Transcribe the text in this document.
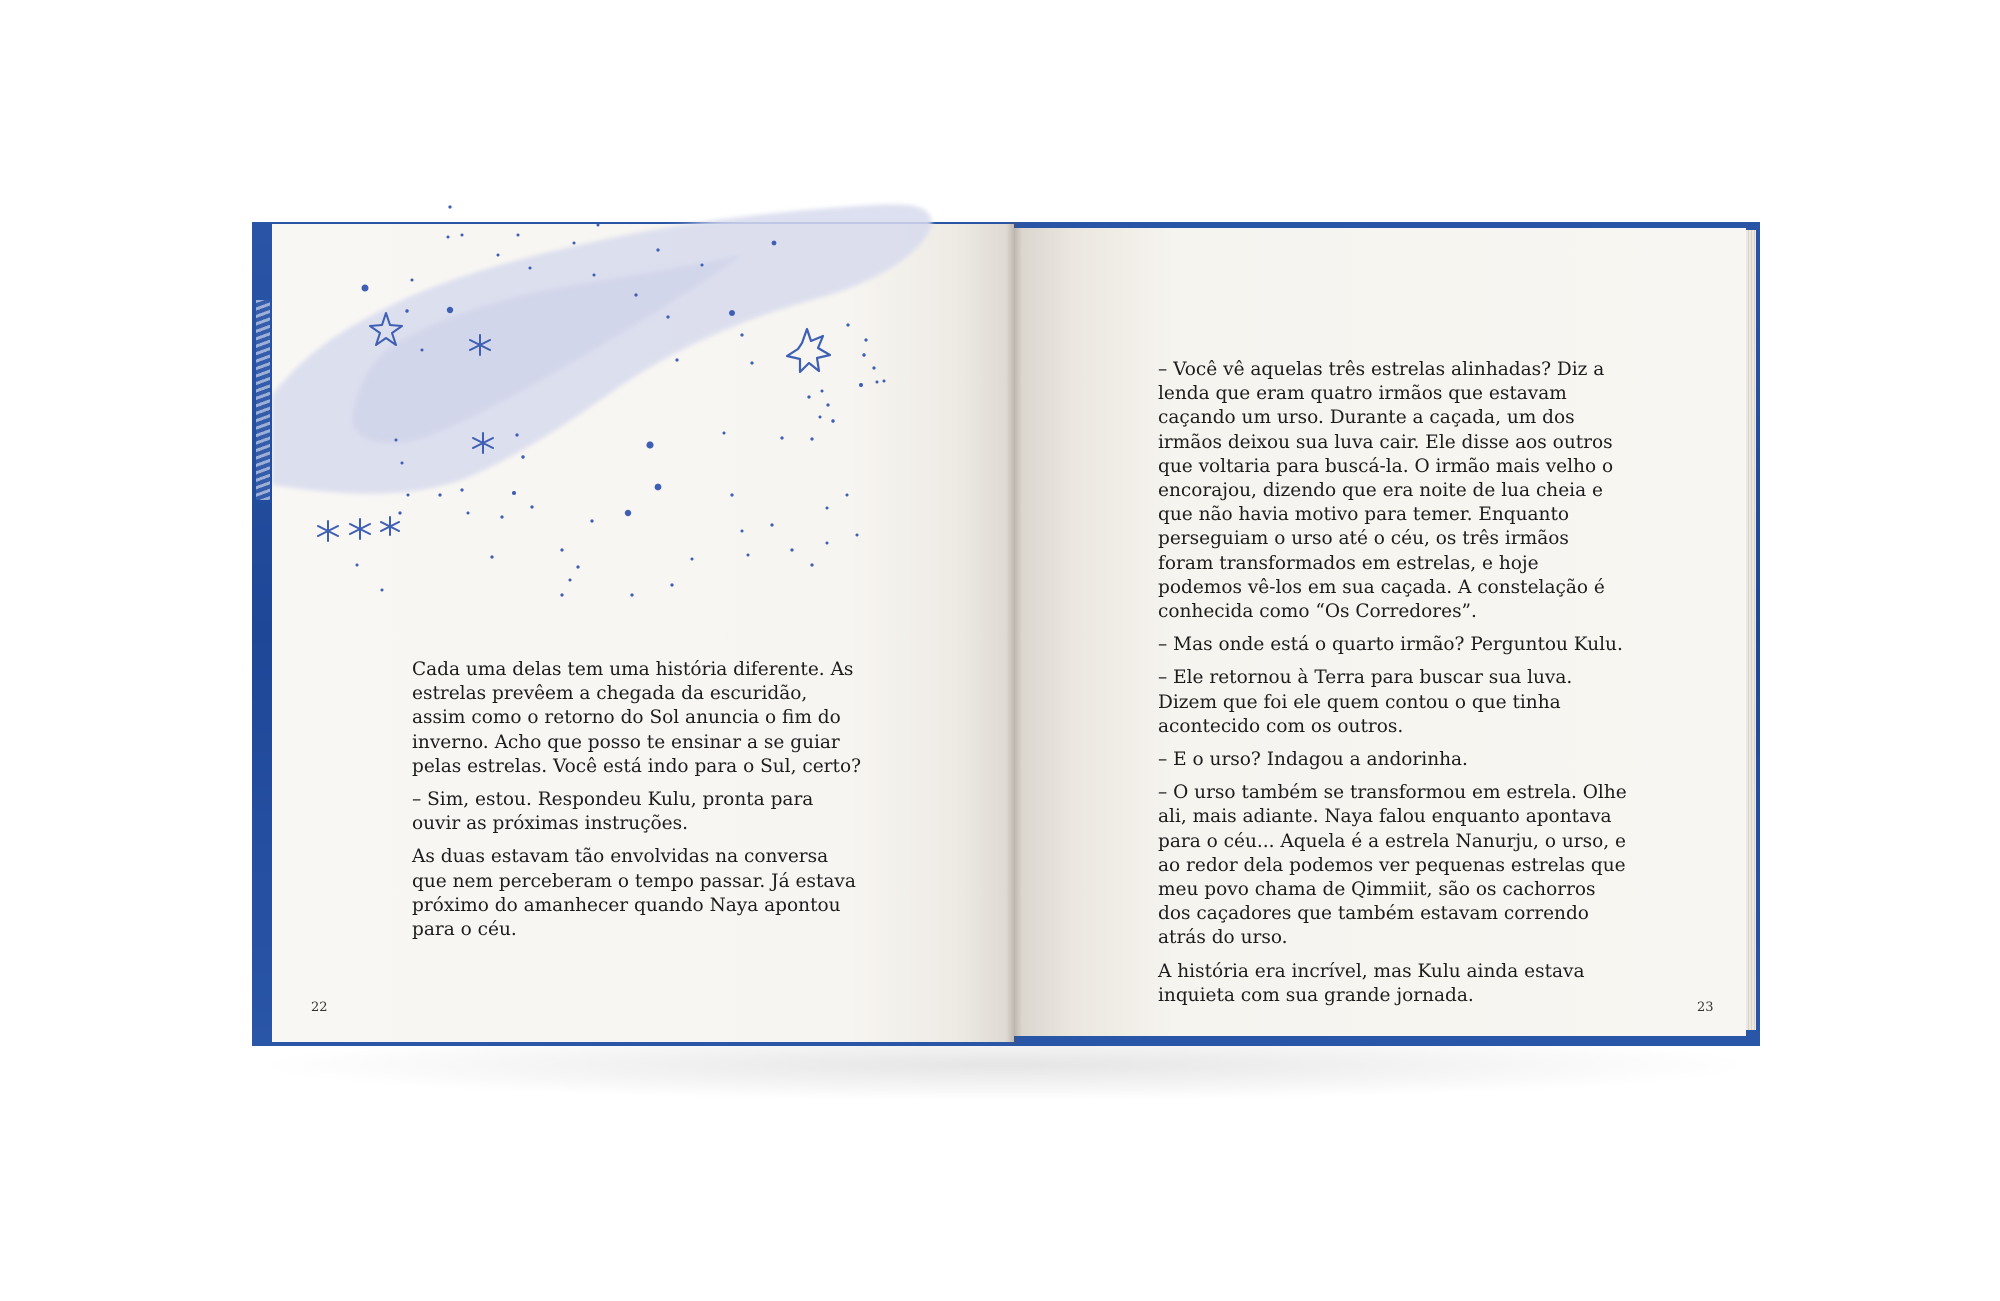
Cada uma delas tem uma história diferente. As estrelas prevêem a chegada da escuridão, assim como o retorno do Sol anuncia o fim do inverno. Acho que posso te ensinar a se guiar pelas estrelas. Você está indo para o Sul, certo?

– Sim, estou. Respondeu Kulu, pronta para ouvir as próximas instruções.

As duas estavam tão envolvidas na conversa que nem perceberam o tempo passar. Já estava próximo do amanhecer quando Naya apontou para o céu.

– Você vê aquelas três estrelas alinhadas? Diz a lenda que eram quatro irmãos que estavam caçando um urso. Durante a caçada, um dos irmãos deixou sua luva cair. Ele disse aos outros que voltaria para buscá-la. O irmão mais velho o encorajou, dizendo que era noite de lua cheia e que não havia motivo para temer. Enquanto perseguiam o urso até o céu, os três irmãos foram transformados em estrelas, e hoje podemos vê-los em sua caçada. A constelação é conhecida como “Os Corredores”.

– Mas onde está o quarto irmão? Perguntou Kulu.

– Ele retornou à Terra para buscar sua luva. Dizem que foi ele quem contou o que tinha acontecido com os outros.

– E o urso? Indagou a andorinha.

– O urso também se transformou em estrela. Olhe ali, mais adiante. Naya falou enquanto apontava para o céu... Aquela é a estrela Nanurju, o urso, e ao redor dela podemos ver pequenas estrelas que meu povo chama de Qimmiit, são os cachorros dos caçadores que também estavam correndo atrás do urso.

A história era incrível, mas Kulu ainda estava inquieta com sua grande jornada.

22	23
